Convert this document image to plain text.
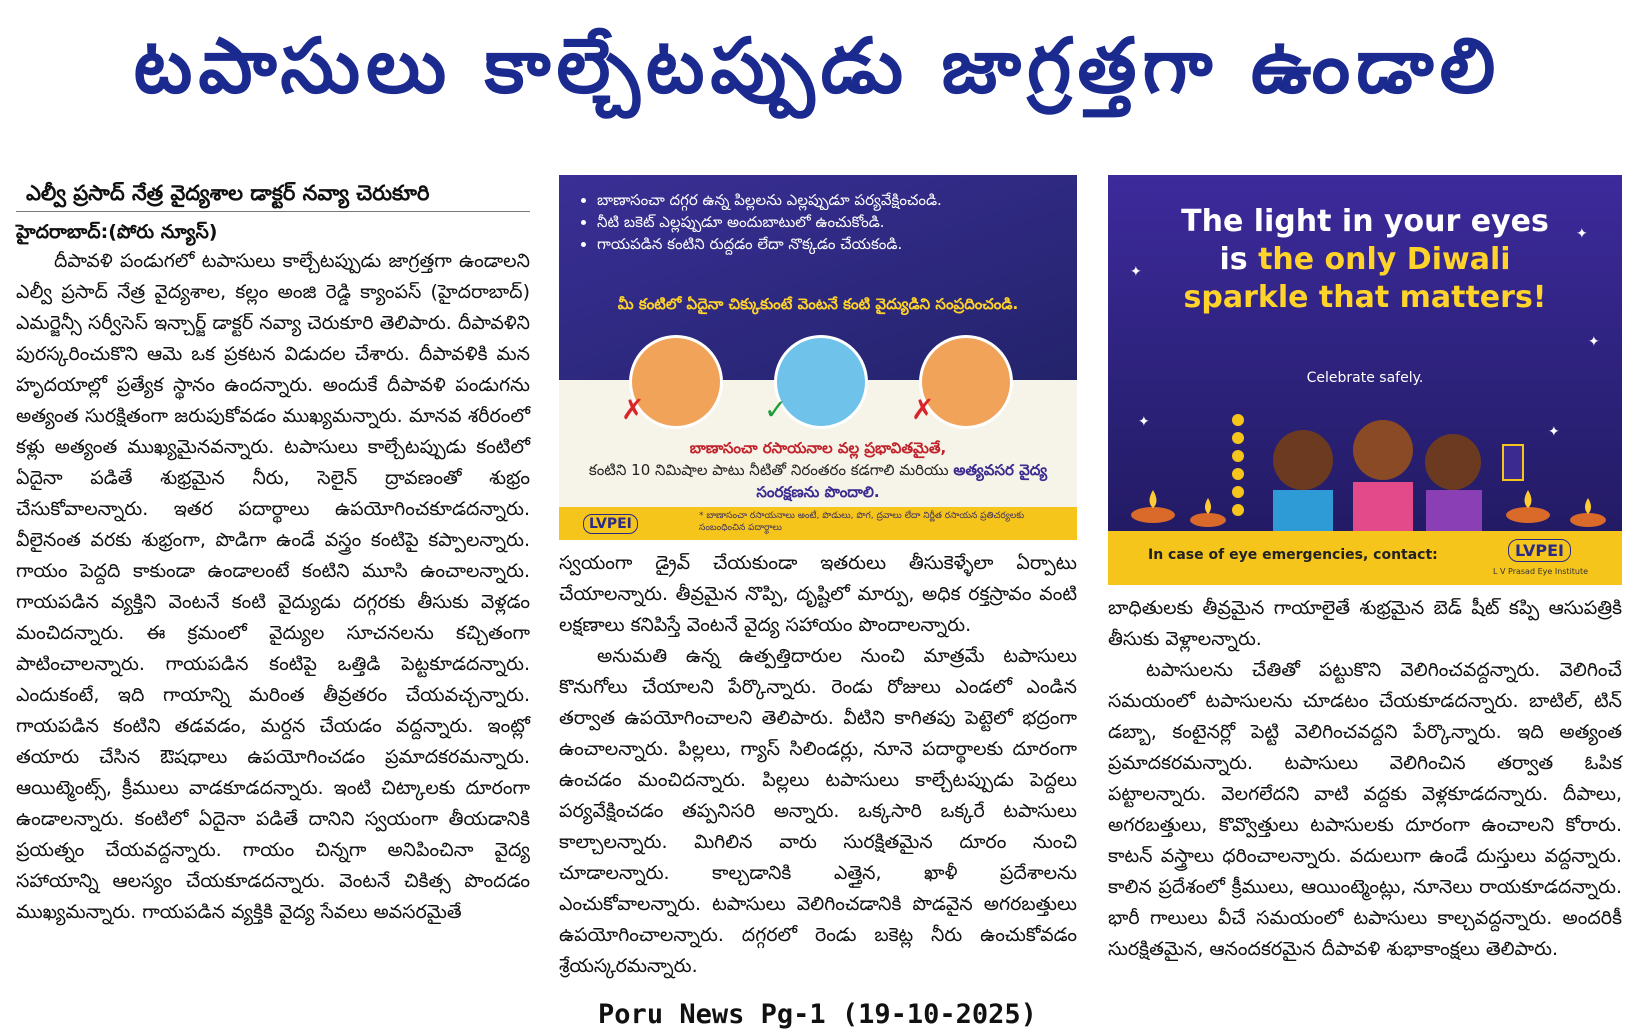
టపాసులు కాల్చేటప్పుడు జాగ్రత్తగా ఉండాలి
ఎల్వీ ప్రసాద్ నేత్ర వైద్యశాల డాక్టర్ నవ్యా చెరుకూరి
హైదరాబాద్:(పోరు న్యూస్)

దీపావళి పండుగలో టపాసులు కాల్చేటప్పుడు జాగ్రత్తగా ఉండాలని ఎల్వీ ప్రసాద్ నేత్ర వైద్యశాల, కల్లం అంజి రెడ్డి క్యాంపస్ (హైదరాబాద్) ఎమర్జెన్సీ సర్వీసెస్ ఇన్చార్జ్ డాక్టర్ నవ్యా చెరుకూరి తెలిపారు. దీపావళిని పురస్కరించుకొని ఆమె ఒక ప్రకటన విడుదల చేశారు. దీపావళికి మన హృదయాల్లో ప్రత్యేక స్థానం ఉందన్నారు. అందుకే దీపావళి పండుగను అత్యంత సురక్షితంగా జరుపుకోవడం ముఖ్యమన్నారు. మానవ శరీరంలో కళ్లు అత్యంత ముఖ్యమైనవన్నారు. టపాసులు కాల్చేటప్పుడు కంటిలో ఏదైనా పడితే శుభ్రమైన నీరు, సెలైన్ ద్రావణంతో శుభ్రం చేసుకోవాలన్నారు. ఇతర పదార్థాలు ఉపయోగించకూడదన్నారు. వీలైనంత వరకు శుభ్రంగా, పొడిగా ఉండే వస్త్రం కంటిపై కప్పాలన్నారు. గాయం పెద్దది కాకుండా ఉండాలంటే కంటిని మూసి ఉంచాలన్నారు. గాయపడిన వ్యక్తిని వెంటనే కంటి వైద్యుడు దగ్గరకు తీసుకు వెళ్లడం మంచిదన్నారు. ఈ క్రమంలో వైద్యుల సూచనలను కచ్చితంగా పాటించాలన్నారు. గాయపడిన కంటిపై ఒత్తిడి పెట్టకూడదన్నారు. ఎందుకంటే, ఇది గాయాన్ని మరింత తీవ్రతరం చేయవచ్చన్నారు. గాయపడిన కంటిని తడవడం, మర్దన చేయడం వద్దన్నారు. ఇంట్లో తయారు చేసిన ఔషధాలు ఉపయోగించడం ప్రమాదకరమన్నారు. ఆయిట్మెంట్స్, క్రీములు వాడకూడదన్నారు. ఇంటి చిట్కాలకు దూరంగా ఉండాలన్నారు. కంటిలో ఏదైనా పడితే దానిని స్వయంగా తీయడానికి ప్రయత్నం చేయవద్దన్నారు. గాయం చిన్నగా అనిపించినా వైద్య సహాయాన్ని ఆలస్యం చేయకూడదన్నారు. వెంటనే చికిత్స పొందడం ముఖ్యమన్నారు. గాయపడిన వ్యక్తికి వైద్య సేవలు అవసరమైతే

• బాణాసంచా దగ్గర ఉన్న పిల్లలను ఎల్లప్పుడూ పర్యవేక్షించండి.
• నీటి బకెట్ ఎల్లప్పుడూ అందుబాటులో ఉంచుకోండి.
• గాయపడిన కంటిని రుద్దడం లేదా నొక్కడం చేయకండి.
మీ కంటిలో ఏదైనా చిక్కుకుంటే వెంటనే కంటి వైద్యుడిని సంప్రదించండి.
✗	✓	✗
బాణాసంచా రసాయనాల వల్ల ప్రభావితమైతే,
కంటిని 10 నిమిషాల పాటు నీటితో నిరంతరం కడగాలి మరియు అత్యవసర వైద్య సంరక్షణను పొందాలి.
LVPEI	* బాణాసంచా రసాయనాలు అంటే, పొడులు, పొగ, ద్రవాలు లేదా నిర్ణీత రసాయన ప్రతిచర్యలకు సంబంధించిన పదార్థాలు

స్వయంగా డ్రైవ్ చేయకుండా ఇతరులు తీసుకెళ్ళేలా ఏర్పాటు చేయాలన్నారు. తీవ్రమైన నొప్పి, దృష్టిలో మార్పు, అధిక రక్తస్రావం వంటి లక్షణాలు కనిపిస్తే వెంటనే వైద్య సహాయం పొందాలన్నారు.

అనుమతి ఉన్న ఉత్పత్తిదారుల నుంచి మాత్రమే టపాసులు కొనుగోలు చేయాలని పేర్కొన్నారు. రెండు రోజులు ఎండలో ఎండిన తర్వాత ఉపయోగించాలని తెలిపారు. వీటిని కాగితపు పెట్టెలో భద్రంగా ఉంచాలన్నారు. పిల్లలు, గ్యాస్ సిలిండర్లు, నూనె పదార్థాలకు దూరంగా ఉంచడం మంచిదన్నారు. పిల్లలు టపాసులు కాల్చేటప్పుడు పెద్దలు పర్యవేక్షించడం తప్పనిసరి అన్నారు. ఒక్కసారి ఒక్కరే టపాసులు కాల్చాలన్నారు. మిగిలిన వారు సురక్షితమైన దూరం నుంచి చూడాలన్నారు. కాల్చడానికి ఎత్తైన, ఖాళీ ప్రదేశాలను ఎంచుకోవాలన్నారు. టపాసులు వెలిగించడానికి పొడవైన అగరబత్తులు ఉపయోగించాలన్నారు. దగ్గరలో రెండు బకెట్ల నీరు ఉంచుకోవడం శ్రేయస్కరమన్నారు.

✦
✦
✦
✦
✦
The light in your eyes
is the only Diwali
sparkle that matters!
Celebrate safely.
In case of eye emergencies, contact:	LVPEI
L V Prasad Eye Institute

బాధితులకు తీవ్రమైన గాయాలైతే శుభ్రమైన బెడ్ షీట్ కప్పి ఆసుపత్రికి తీసుకు వెళ్లాలన్నారు.

టపాసులను చేతితో పట్టుకొని వెలిగించవద్దన్నారు. వెలిగించే సమయంలో టపాసులను చూడటం చేయకూడదన్నారు. బాటిల్, టిన్ డబ్బా, కంటైనర్లో పెట్టి వెలిగించవద్దని పేర్కొన్నారు. ఇది అత్యంత ప్రమాదకరమన్నారు. టపాసులు వెలిగించిన తర్వాత ఓపిక పట్టాలన్నారు. వెలగలేదని వాటి వద్దకు వెళ్లకూడదన్నారు. దీపాలు, అగరబత్తులు, కొవ్వొత్తులు టపాసులకు దూరంగా ఉంచాలని కోరారు. కాటన్ వస్త్రాలు ధరించాలన్నారు. వదులుగా ఉండే దుస్తులు వద్దన్నారు. కాలిన ప్రదేశంలో క్రీములు, ఆయింట్మెంట్లు, నూనెలు రాయకూడదన్నారు. భారీ గాలులు వీచే సమయంలో టపాసులు కాల్చవద్దన్నారు. అందరికీ సురక్షితమైన, ఆనందకరమైన దీపావళి శుభాకాంక్షలు తెలిపారు.

Poru News Pg-1 (19-10-2025)
